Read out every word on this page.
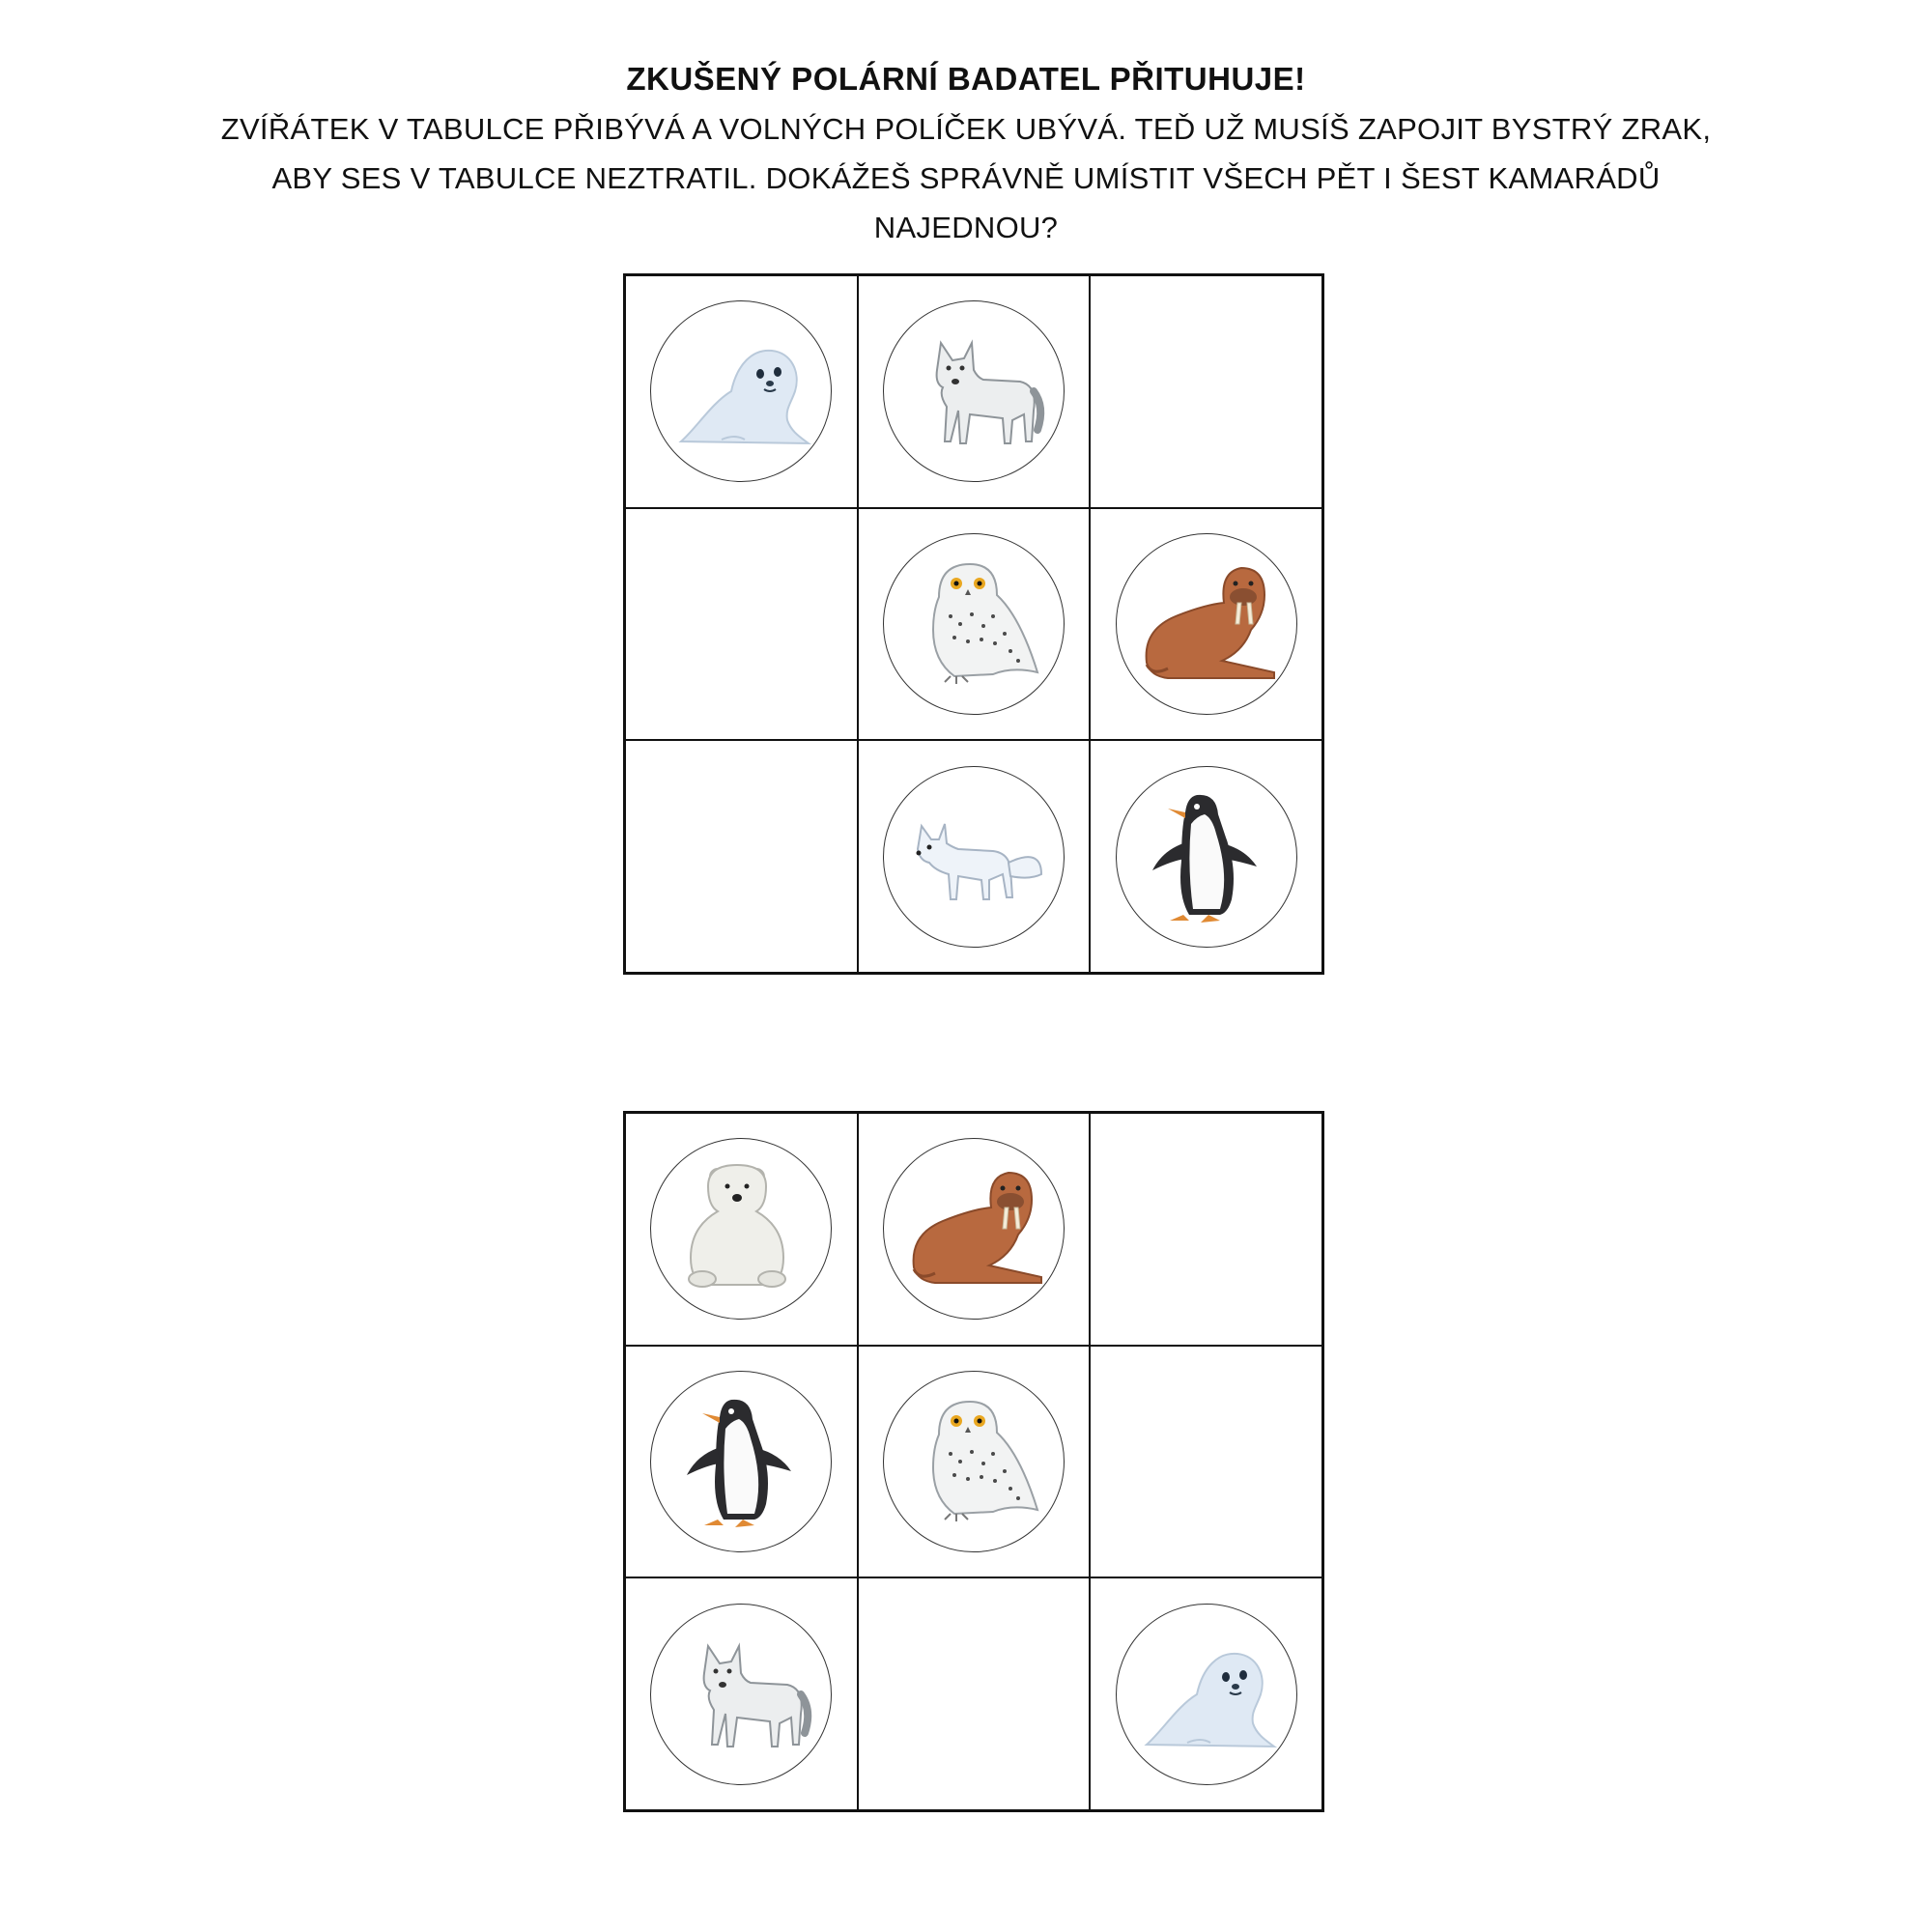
ZKUŠENÝ POLÁRNÍ BADATEL PŘITUHUJE!
ZVÍŘÁTEK V TABULCE PŘIBÝVÁ A VOLNÝCH POLÍČEK UBÝVÁ. TEĎ UŽ MUSÍŠ ZAPOJIT BYSTRÝ ZRAK,
ABY SES V TABULCE NEZTRATIL. DOKÁŽEŠ SPRÁVNĚ UMÍSTIT VŠECH PĚT I ŠEST KAMARÁDŮ
NAJEDNOU?
